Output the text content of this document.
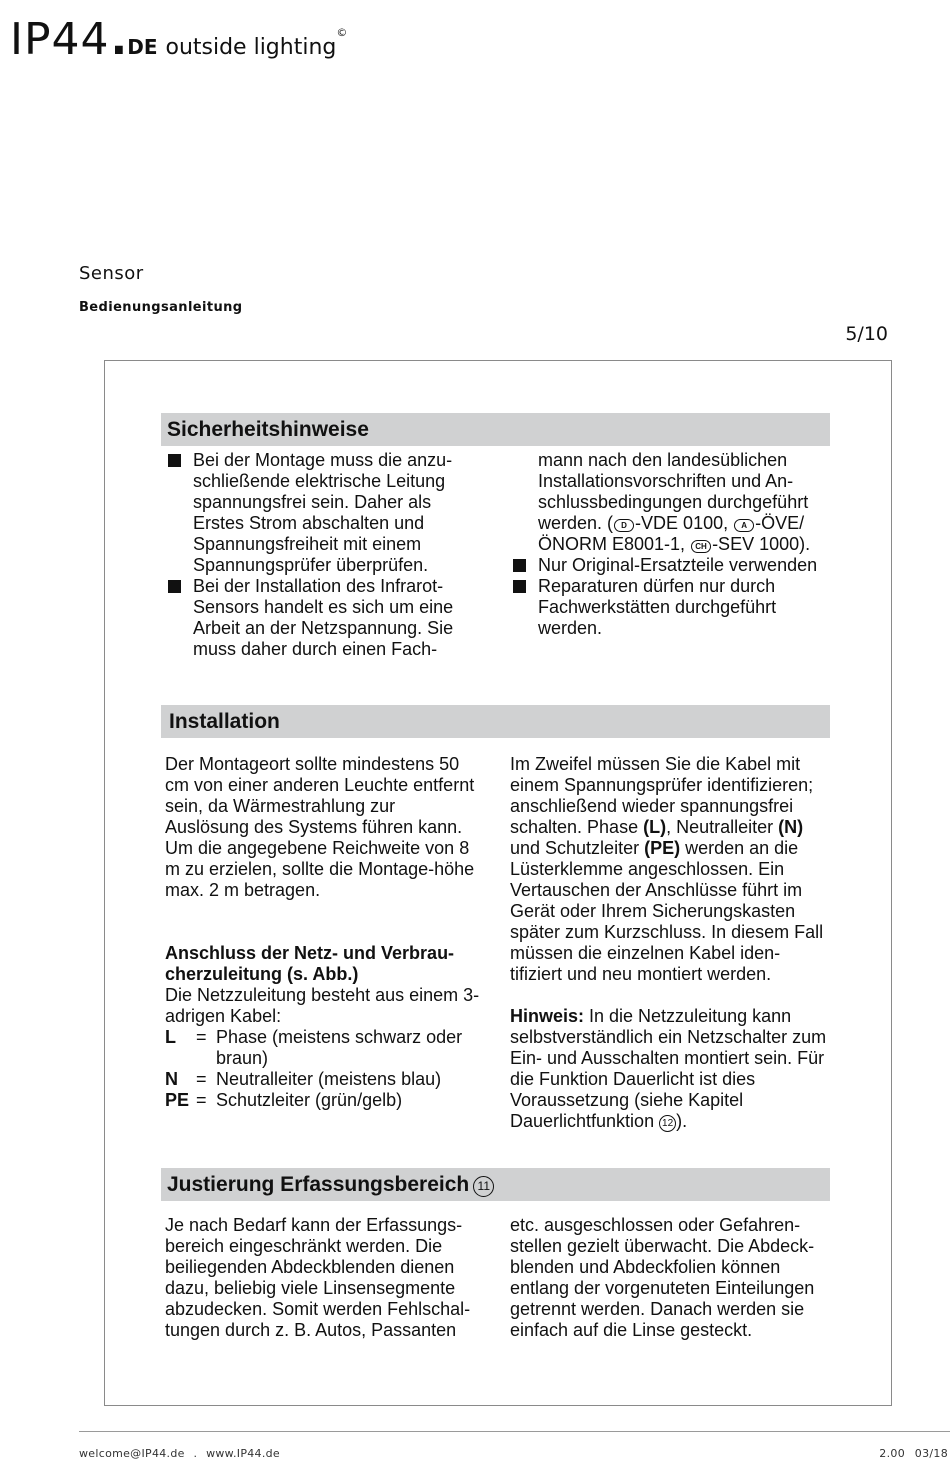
IP44 . DE outside lighting©
Sensor
Bedienungsanleitung
5/10
Sicherheitshinweise
Bei der Montage muss die anzu-schließende elektrische Leitung spannungsfrei sein. Daher als Erstes Strom abschalten und Spannungsfreiheit mit einem Spannungsprüfer überprüfen.
Bei der Installation des Infrarot-Sensors handelt es sich um eine Arbeit an der Netzspannung. Sie muss daher durch einen Fach-
mann nach den landesüblichen Installationsvorschriften und An-schlussbedingungen durchgeführt werden. ( D -VDE 0100, A -ÖVE/ ÖNORM E8001-1, CH -SEV 1000).
Nur Original-Ersatzteile verwenden
Reparaturen dürfen nur durch Fachwerkstätten durchgeführt werden.
Installation

Der Montageort sollte mindestens 50 cm von einer anderen Leuchte entfernt sein, da Wärmestrahlung zur Auslösung des Systems führen kann. Um die angegebene Reichweite von 8 m zu erzielen, sollte die Montage-höhe max. 2 m betragen.

Anschluss der Netz- und Verbrau-cherzuleitung (s. Abb.)

Die Netzzuleitung besteht aus einem 3-adrigen Kabel:

L	= Phase (meistens schwarz oder braun)
N	= Neutralleiter (meistens blau)
PE = Schutzleiter (grün/gelb)

Im Zweifel müssen Sie die Kabel mit einem Spannungsprüfer identifizieren; anschließend wieder spannungsfrei schalten. Phase (L), Neutralleiter (N) und Schutzleiter (PE) werden an die Lüsterklemme angeschlossen. Ein Vertauschen der Anschlüsse führt im Gerät oder Ihrem Sicherungskasten später zum Kurzschluss. In diesem Fall müssen die einzelnen Kabel iden-tifiziert und neu montiert werden.

Hinweis: In die Netzzuleitung kann selbstverständlich ein Netzschalter zum Ein- und Ausschalten montiert sein. Für die Funktion Dauerlicht ist dies Voraussetzung (siehe Kapitel Dauerlichtfunktion 12 ).

Justierung Erfassungsbereich 11

Je nach Bedarf kann der Erfassungs-bereich eingeschränkt werden. Die beiliegenden Abdeckblenden dienen dazu, beliebig viele Linsensegmente abzudecken. Somit werden Fehlschal-tungen durch z. B. Autos, Passanten

etc. ausgeschlossen oder Gefahren-stellen gezielt überwacht. Die Abdeck-blenden und Abdeckfolien können entlang der vorgenuteten Einteilungen getrennt werden. Danach werden sie einfach auf die Linse gesteckt.

welcome@IP44.de . www.IP44.de	2.00 03/18
